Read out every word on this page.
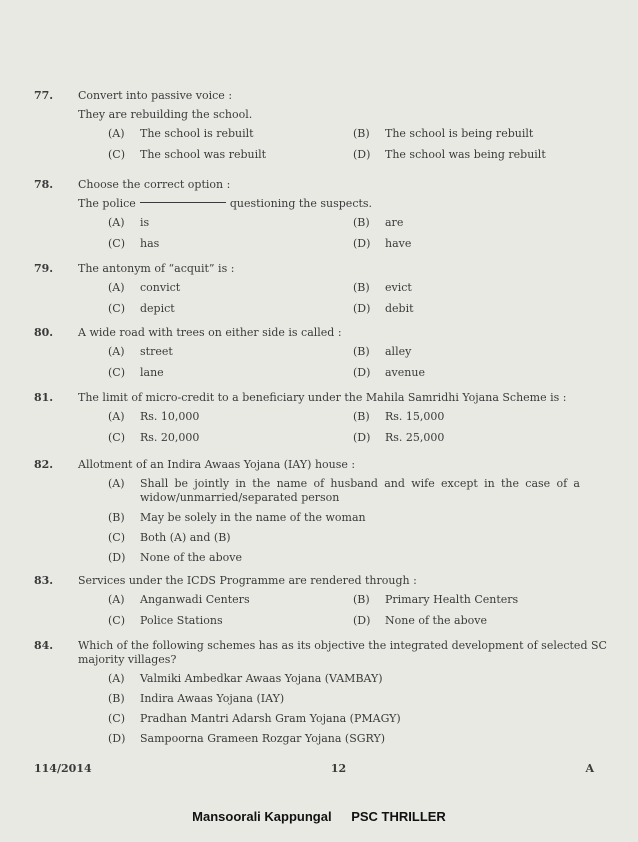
77.	Convert into passive voice :
They are rebuilding the school.
(A)	The school is rebuilt	(B)	The school is being rebuilt
(C)	The school was rebuilt	(D)	The school was being rebuilt
78.	Choose the correct option :
The police	questioning the suspects.
(A)	is	(B)	are
(C)	has	(D)	have
79.	The antonym of “acquit” is :
(A)	convict	(B)	evict
(C)	depict	(D)	debit
80.	A wide road with trees on either side is called :
(A)	street	(B)	alley
(C)	lane	(D)	avenue
81.	The limit of micro-credit to a beneficiary under the Mahila Samridhi Yojana Scheme is :
(A)	Rs. 10,000	(B)	Rs. 15,000
(C)	Rs. 20,000	(D)	Rs. 25,000
82.	Allotment of an Indira Awaas Yojana (IAY) house :
(A)	Shall be jointly in the name of husband and wife except in the case of a widow/unmarried/separated person
(B)	May be solely in the name of the woman
(C)	Both (A) and (B)
(D)	None of the above
83.	Services under the ICDS Programme are rendered through :
(A)	Anganwadi Centers	(B)	Primary Health Centers
(C)	Police Stations	(D)	None of the above
84.	Which of the following schemes has as its objective the integrated development of selected SC majority villages?
(A)	Valmiki Ambedkar Awaas Yojana (VAMBAY)
(B)	Indira Awaas Yojana (IAY)
(C)	Pradhan Mantri Adarsh Gram Yojana (PMAGY)
(D)	Sampoorna Grameen Rozgar Yojana (SGRY)
114/2014	12	A
Mansoorali Kappungal PSC THRILLER
